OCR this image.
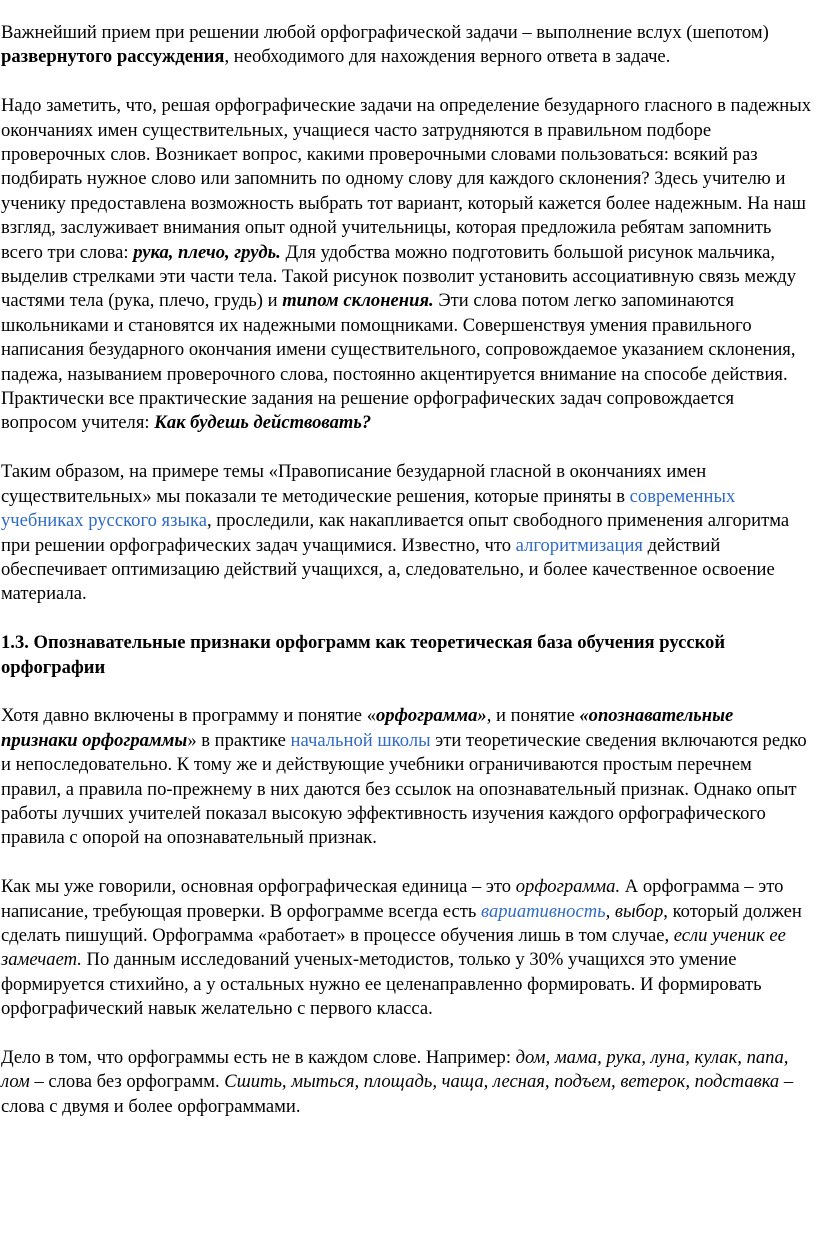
Важнейший прием при решении любой орфографической задачи – выполнение вслух (шепотом) развернутого рассуждения, необходимого для нахождения верного ответа в задаче.

Надо заметить, что, решая орфографические задачи на определение безударного гласного в падежных окончаниях имен существительных, учащиеся часто затрудняются в правильном подборе проверочных слов. Возникает вопрос, какими проверочными словами пользоваться: всякий раз подбирать нужное слово или запомнить по одному слову для каждого склонения? Здесь учителю и ученику предоставлена возможность выбрать тот вариант, который кажется более надежным. На наш взгляд, заслуживает внимания опыт одной учительницы, которая предложила ребятам запомнить всего три слова: рука, плечо, грудь. Для удобства можно подготовить большой рисунок мальчика, выделив стрелками эти части тела. Такой рисунок позволит установить ассоциативную связь между частями тела (рука, плечо, грудь) и типом склонения. Эти слова потом легко запоминаются школьниками и становятся их надежными помощниками. Совершенствуя умения правильного написания безударного окончания имени существительного, сопровождаемое указанием склонения, падежа, называнием проверочного слова, постоянно акцентируется внимание на способе действия. Практически все практические задания на решение орфографических задач сопровождается вопросом учителя: Как будешь действовать?

Таким образом, на примере темы «Правописание безударной гласной в окончаниях имен существительных» мы показали те методические решения, которые приняты в современных учебниках русского языка, проследили, как накапливается опыт свободного применения алгоритма при решении орфографических задач учащимися. Известно, что алгоритмизация действий обеспечивает оптимизацию действий учащихся, а, следовательно, и более качественное освоение материала.

1.3. Опознавательные признаки орфограмм как теоретическая база обучения русской орфографии

Хотя давно включены в программу и понятие «орфограмма», и понятие «опознавательные признаки орфограммы» в практике начальной школы эти теоретические сведения включаются редко и непоследовательно. К тому же и действующие учебники ограничиваются простым перечнем правил, а правила по-прежнему в них даются без ссылок на опознавательный признак. Однако опыт работы лучших учителей показал высокую эффективность изучения каждого орфографического правила с опорой на опознавательный признак.

Как мы уже говорили, основная орфографическая единица – это орфограмма. А орфограмма – это написание, требующая проверки. В орфограмме всегда есть вариативность, выбор, который должен сделать пишущий. Орфограмма «работает» в процессе обучения лишь в том случае, если ученик ее замечает. По данным исследований ученых-методистов, только у 30% учащихся это умение формируется стихийно, а у остальных нужно ее целенаправленно формировать. И формировать орфографический навык желательно с первого класса.

Дело в том, что орфограммы есть не в каждом слове. Например: дом, мама, рука, луна, кулак, папа, лом – слова без орфограмм. Сшить, мыться, площадь, чаща, лесная, подъем, ветерок, подставка – слова с двумя и более орфограммами.
